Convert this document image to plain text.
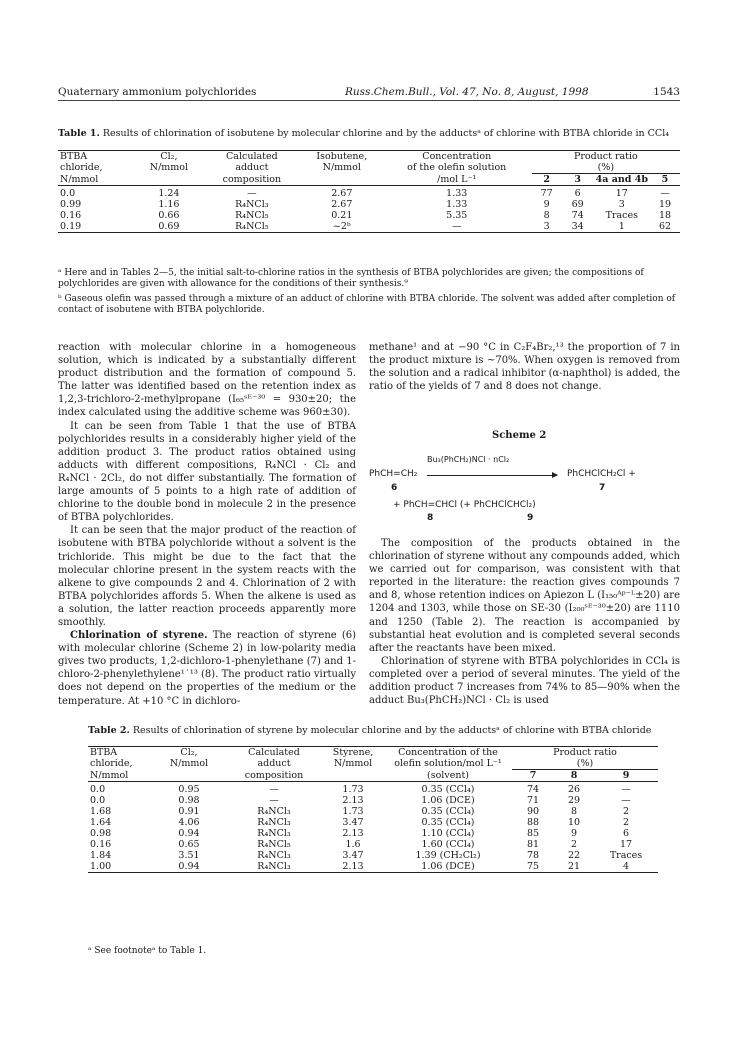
Quaternary ammonium polychlorides	Russ.Chem.Bull., Vol. 47, No. 8, August, 1998	1543
Table 1. Results of chlorination of isobutene by molecular chlorine and by the adductsᵃ of chlorine with BTBA chloride in CCl₄
BTBA	Cl₂,	Calculated	Isobutene,	Concentration	Product ratio			
chloride,	N/mmol	adduct	N/mmol	of the olefin solution	(%)			
N/mmol		composition		/mol L⁻¹	2	3	4a and 4b	5
0.0	1.24	—	2.67	1.33	77	6	17	—
0.99	1.16	R₄NCl₃	2.67	1.33	9	69	3	19
0.16	0.66	R₄NCl₅	0.21	5.35	8	74	Traces	18
0.19	0.69	R₄NCl₅	~2ᵇ	—	3	34	1	62
ᵃ Here and in Tables 2—5, the initial salt-to-chlorine ratios in the synthesis of BTBA polychlorides are given; the compositions of polychlorides are given with allowance for the conditions of their synthesis.⁹
ᵇ Gaseous olefin was passed through a mixture of an adduct of chlorine with BTBA chloride. The solvent was added after completion of contact of isobutene with BTBA polychloride.

reaction with molecular chlorine in a homogeneous solution, which is indicated by a substantially different product distribution and the formation of compound 5. The latter was identified based on the retention index as 1,2,3-trichloro-2-methylpropane (I₆₅ˢᴱ⁻³⁰ = 930±20; the index calculated using the additive scheme was 960±30).

It can be seen from Table 1 that the use of BTBA polychlorides results in a considerably higher yield of the addition product 3. The product ratios obtained using adducts with different compositions, R₄NCl · Cl₂ and R₄NCl · 2Cl₂, do not differ substantially. The formation of large amounts of 5 points to a high rate of addition of chlorine to the double bond in molecule 2 in the presence of BTBA polychlorides.

It can be seen that the major product of the reaction of isobutene with BTBA polychloride without a solvent is the trichloride. This might be due to the fact that the molecular chlorine present in the system reacts with the alkene to give compounds 2 and 4. Chlorination of 2 with BTBA polychlorides affords 5. When the alkene is used as a solution, the latter reaction proceeds apparently more smoothly.

Chlorination of styrene. The reaction of styrene (6) with molecular chlorine (Scheme 2) in low-polarity media gives two products, 1,2-dichloro-1-phenylethane (7) and 1-chloro-2-phenylethylene¹˙¹³ (8). The product ratio virtually does not depend on the properties of the medium or the temperature. At +10 °C in dichloro-

methane¹ and at −90 °C in C₂F₄Br₂,¹³ the proportion of 7 in the product mixture is ~70%. When oxygen is removed from the solution and a radical inhibitor (α-naphthol) is added, the ratio of the yields of 7 and 8 does not change.

Scheme 2
Bu₃(PhCH₂)NCl · nCl₂
PhCH=CH₂	PhCHClCH₂Cl +
6	7
+ PhCH=CHCl (+ PhCHClCHCl₂)
8	9

The composition of the products obtained in the chlorination of styrene without any compounds added, which we carried out for comparison, was consistent with that reported in the literature: the reaction gives compounds 7 and 8, whose retention indices on Apiezon L (I₁₅₀ᴬᵖ⁻ᴸ±20) are 1204 and 1303, while those on SE-30 (I₂₀₀ˢᴱ⁻³⁰±20) are 1110 and 1250 (Table 2). The reaction is accompanied by substantial heat evolution and is completed several seconds after the reactants have been mixed.

Chlorination of styrene with BTBA polychlorides in CCl₄ is completed over a period of several minutes. The yield of the addition product 7 increases from 74% to 85—90% when the adduct Bu₃(PhCH₂)NCl · Cl₂ is used

Table 2. Results of chlorination of styrene by molecular chlorine and by the adductsᵃ of chlorine with BTBA chloride
BTBA	Cl₂,	Calculated	Styrene,	Concentration of the	Product ratio		
chloride,	N/mmol	adduct	N/mmol	olefin solution/mol L⁻¹	(%)		
N/mmol		composition		(solvent)	7	8	9
0.0	0.95	—	1.73	0.35 (CCl₄)	74	26	—
0.0	0.98	—	2.13	1.06 (DCE)	71	29	—
1.68	0.91	R₄NCl₃	1.73	0.35 (CCl₄)	90	8	2
1.64	4.06	R₄NCl₃	3.47	0.35 (CCl₄)	88	10	2
0.98	0.94	R₄NCl₃	2.13	1.10 (CCl₄)	85	9	6
0.16	0.65	R₄NCl₅	1.6	1.60 (CCl₄)	81	2	17
1.84	3.51	R₄NCl₃	3.47	1.39 (CH₂Cl₂)	78	22	Traces
1.00	0.94	R₄NCl₃	2.13	1.06 (DCE)	75	21	4
ᵃ See footnoteᵃ to Table 1.
